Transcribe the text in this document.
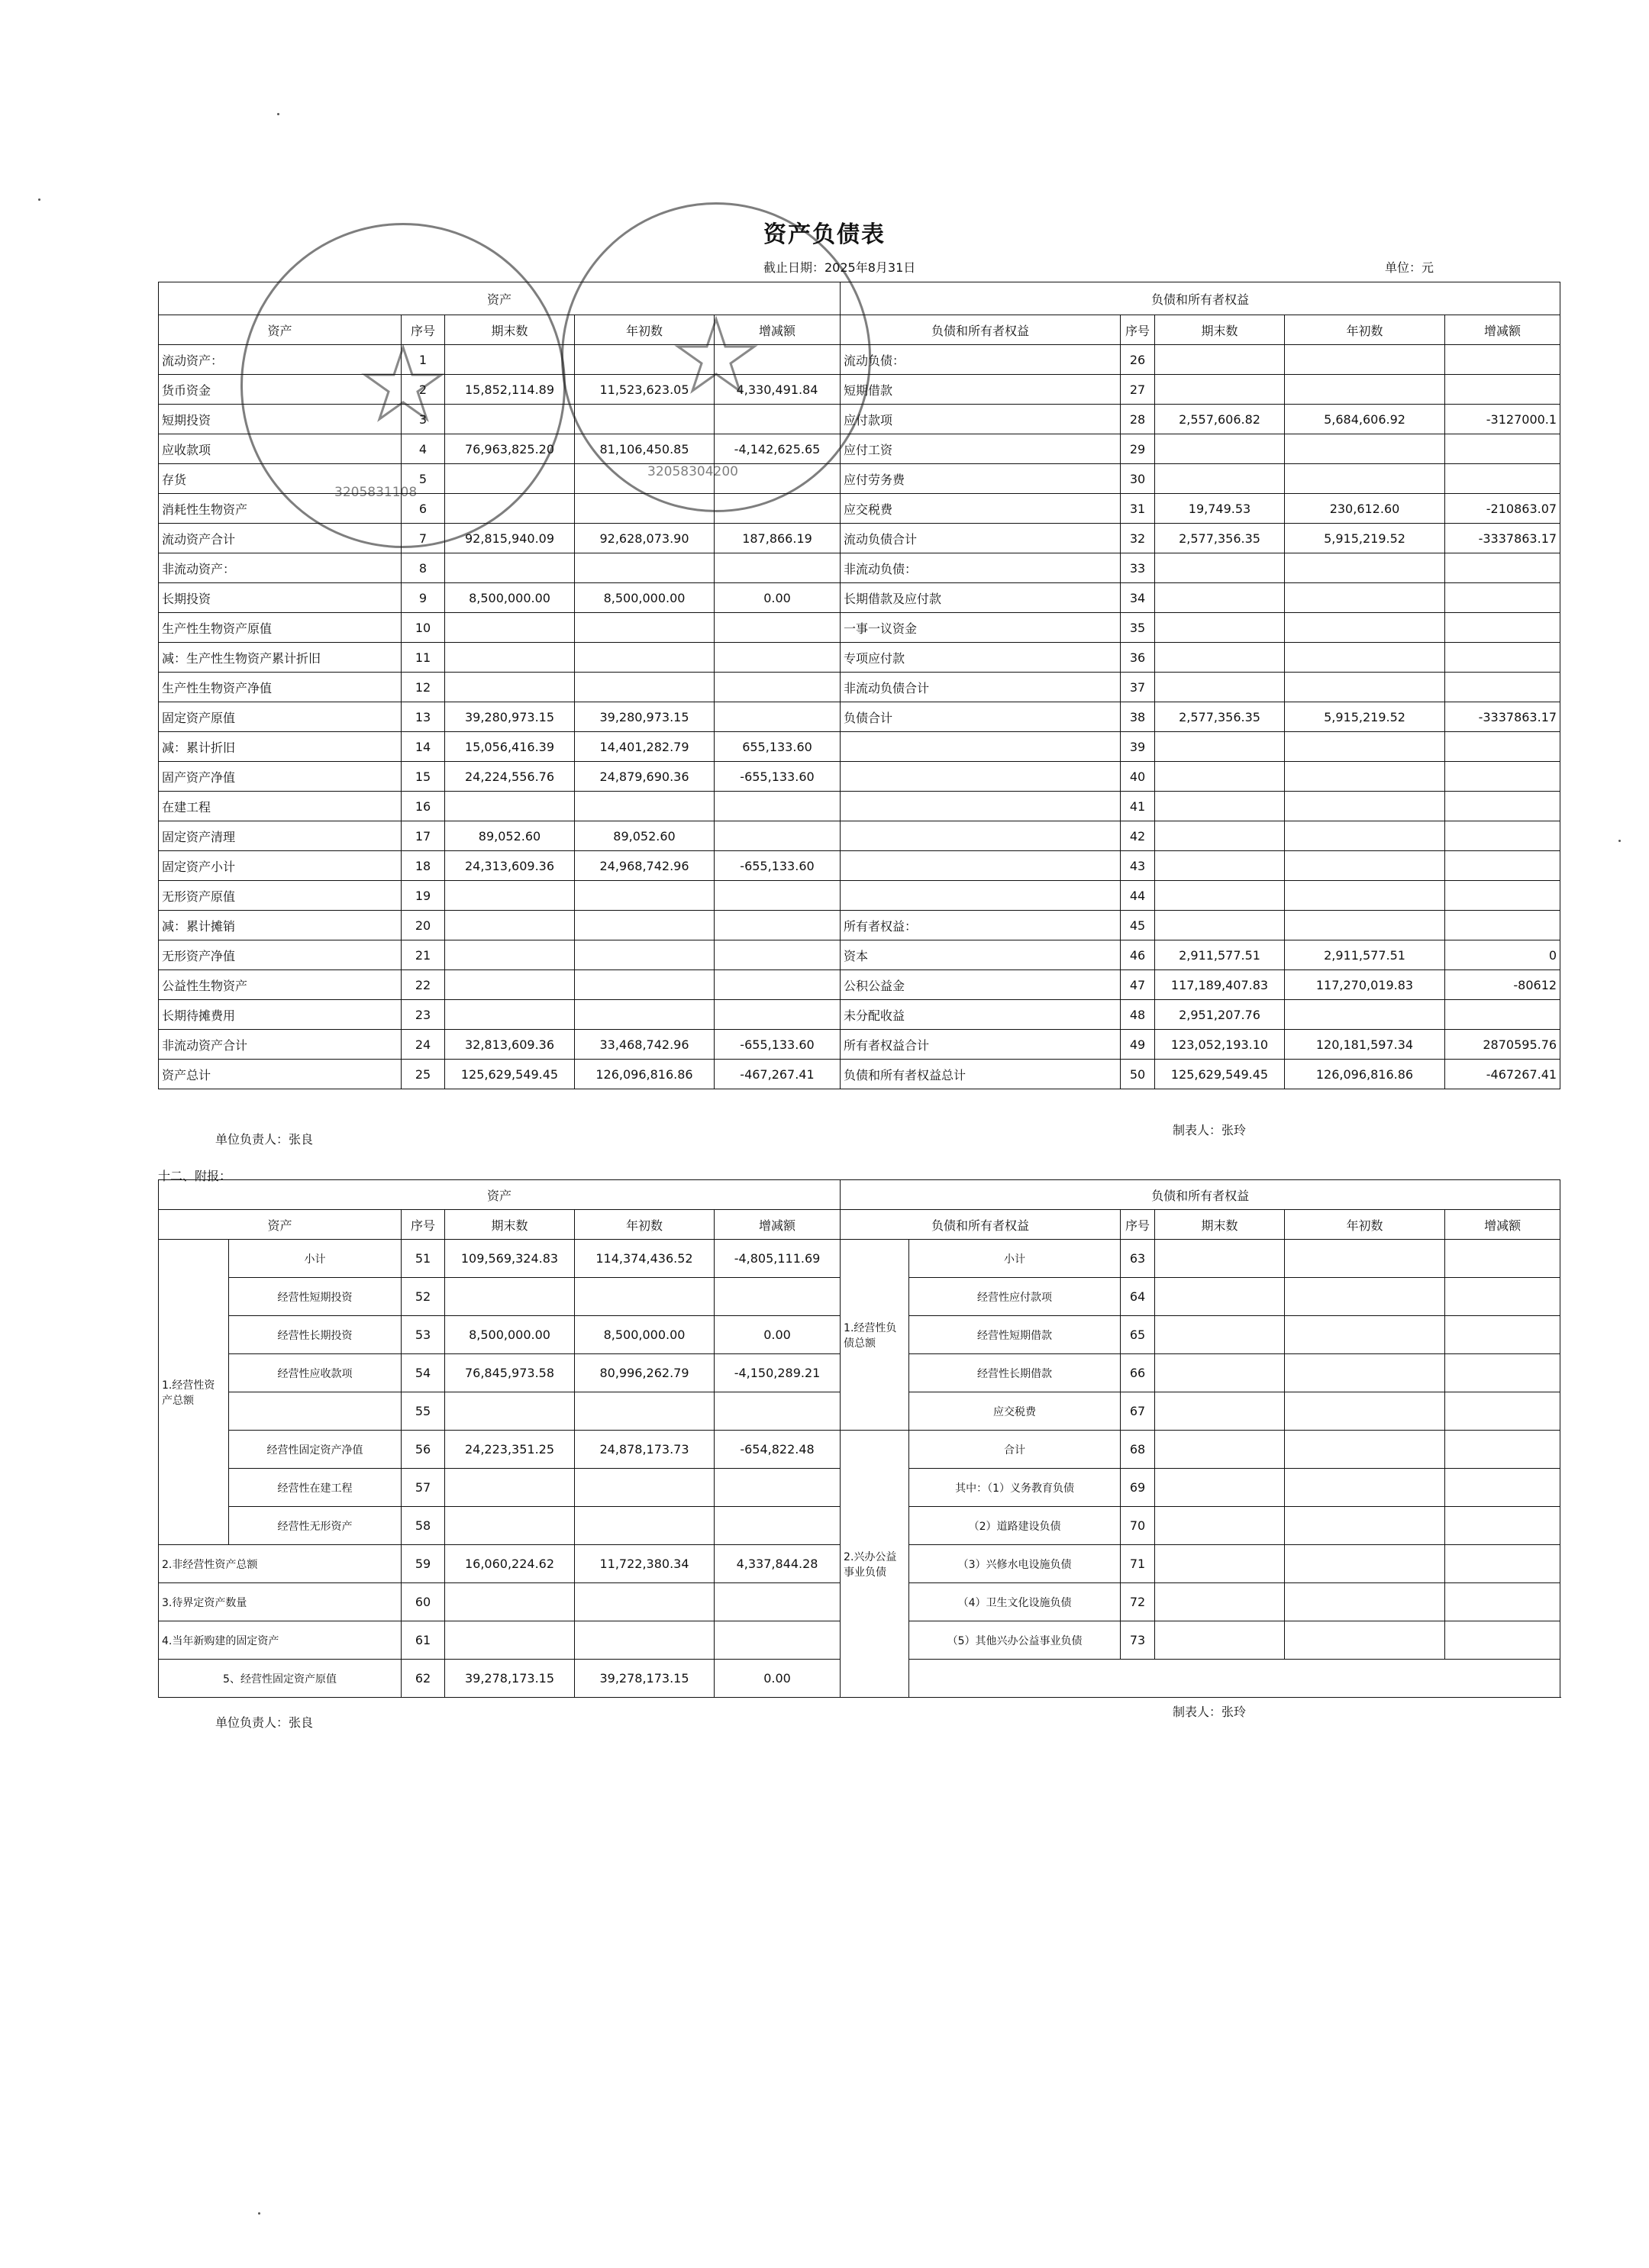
资产负债表
截止日期：2025年8月31日	单位：元
资产					负债和所有者权益				
资产	序号	期末数	年初数	增减额	负债和所有者权益	序号	期末数	年初数	增减额
流动资产：	1				流动负债：	26			
货币资金	2	15,852,114.89	11,523,623.05	4,330,491.84	短期借款	27			
短期投资	3				应付款项	28	2,557,606.82	5,684,606.92	-3127000.1
应收款项	4	76,963,825.20	81,106,450.85	-4,142,625.65	应付工资	29			
存货	5				应付劳务费	30			
消耗性生物资产	6				应交税费	31	19,749.53	230,612.60	-210863.07
流动资产合计	7	92,815,940.09	92,628,073.90	187,866.19	流动负债合计	32	2,577,356.35	5,915,219.52	-3337863.17
非流动资产：	8				非流动负债：	33			
长期投资	9	8,500,000.00	8,500,000.00	0.00	长期借款及应付款	34			
生产性生物资产原值	10				一事一议资金	35			
减：生产性生物资产累计折旧	11				专项应付款	36			
生产性生物资产净值	12				非流动负债合计	37			
固定资产原值	13	39,280,973.15	39,280,973.15		负债合计	38	2,577,356.35	5,915,219.52	-3337863.17
减：累计折旧	14	15,056,416.39	14,401,282.79	655,133.60		39			
固产资产净值	15	24,224,556.76	24,879,690.36	-655,133.60		40			
在建工程	16					41			
固定资产清理	17	89,052.60	89,052.60			42			
固定资产小计	18	24,313,609.36	24,968,742.96	-655,133.60		43			
无形资产原值	19					44			
减：累计摊销	20				所有者权益：	45			
无形资产净值	21				资本	46	2,911,577.51	2,911,577.51	0
公益性生物资产	22				公积公益金	47	117,189,407.83	117,270,019.83	-80612
长期待摊费用	23				未分配收益	48	2,951,207.76		
非流动资产合计	24	32,813,609.36	33,468,742.96	-655,133.60	所有者权益合计	49	123,052,193.10	120,181,597.34	2870595.76
资产总计	25	125,629,549.45	126,096,816.86	-467,267.41	负债和所有者权益总计	50	125,629,549.45	126,096,816.86	-467267.41
单位负责人：张良
制表人：张玲
十二、附报：
资产						负债和所有者权益					
资产		序号	期末数	年初数	增减额	负债和所有者权益		序号	期末数	年初数	增减额
1.经营性资产总额	小计	51	109,569,324.83	114,374,436.52	-4,805,111.69	1.经营性负债总额	小计	63			
	经营性短期投资	52					经营性应付款项	64			
	经营性长期投资	53	8,500,000.00	8,500,000.00	0.00		经营性短期借款	65			
	经营性应收款项	54	76,845,973.58	80,996,262.79	-4,150,289.21		经营性长期借款	66			
		55					应交税费	67			
	经营性固定资产净值	56	24,223,351.25	24,878,173.73	-654,822.48	2.兴办公益事业负债	合计	68			
	经营性在建工程	57					其中：（1）义务教育负债	69			
	经营性无形资产	58					（2）道路建设负债	70			
2.非经营性资产总额		59	16,060,224.62	11,722,380.34	4,337,844.28		（3）兴修水电设施负债	71			
3.待界定资产数量		60					（4）卫生文化设施负债	72			
4.当年新购建的固定资产		61					（5）其他兴办公益事业负债	73			
5、经营性固定资产原值		62	39,278,173.15	39,278,173.15	0.00						
单位负责人：张良
制表人：张玲
3205831108
32058304200
